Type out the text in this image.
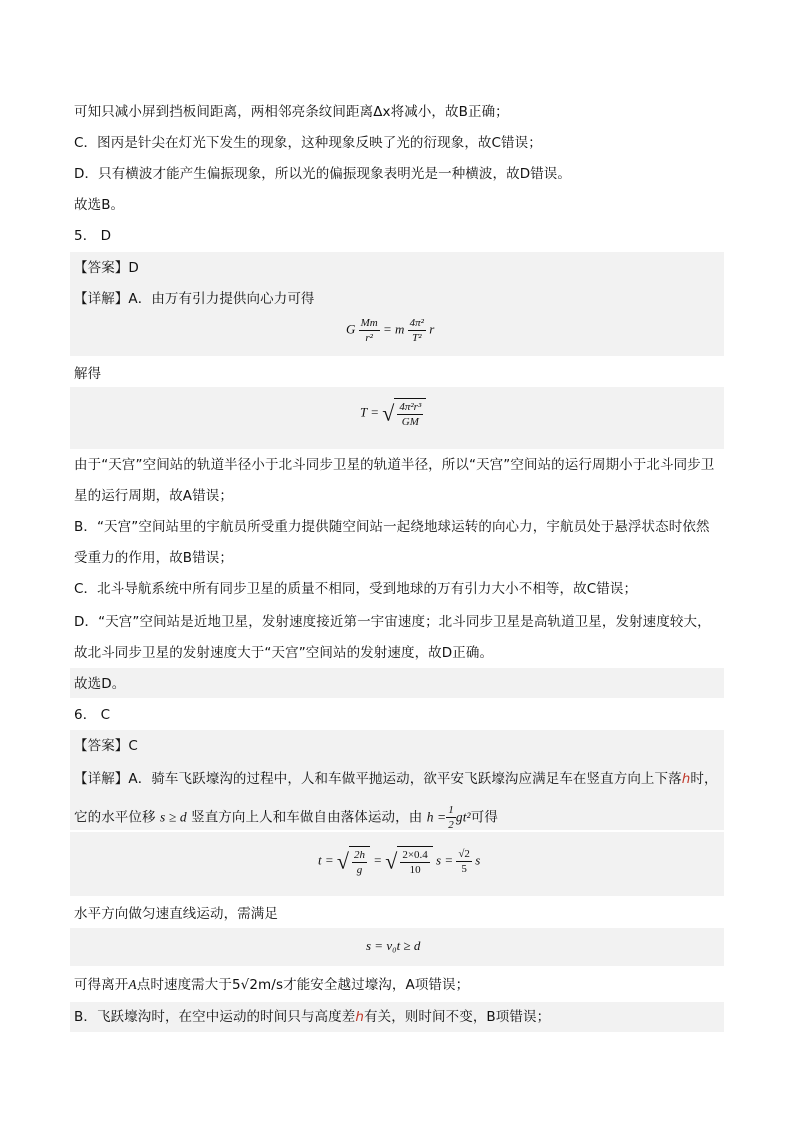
可知只减小屏到挡板间距离，两相邻亮条纹间距离Δx将减小，故B正确；
C．图丙是针尖在灯光下发生的现象，这种现象反映了光的衍现象，故C错误；
D．只有横波才能产生偏振现象，所以光的偏振现象表明光是一种横波，故D错误。
故选B。
5． D
【答案】D
【详解】A．由万有引力提供向心力可得
G $\frac{Mm}{\text{r²}} = m \frac{\text{4π²}}{\text{T²}}$ r
解得
T = √ $\frac{\text{4π²r³}}{GM}$
由于“天宫”空间站的轨道半径小于北斗同步卫星的轨道半径，所以“天宫”空间站的运行周期小于北斗同步卫
星的运行周期，故A错误；
B．“天宫”空间站里的宇航员所受重力提供随空间站一起绕地球运转的向心力，宇航员处于悬浮状态时依然
受重力的作用，故B错误；
C．北斗导航系统中所有同步卫星的质量不相同，受到地球的万有引力大小不相等，故C错误；
D．“天宫”空间站是近地卫星，发射速度接近第一宇宙速度；北斗同步卫星是高轨道卫星，发射速度较大，
故北斗同步卫星的发射速度大于“天宫”空间站的发射速度，故D正确。
故选D。
6． C
【答案】C
【详解】A．骑车飞跃壕沟的过程中，人和车做平抛运动，欲平安飞跃壕沟应满足车在竖直方向上下落h时，
它的水平位移 s ≥ d 竖直方向上人和车做自由落体运动，由 $h = \frac{1}{2} gt^2$可得
t = √ $\frac{2h}{g}$ = √ $\frac{2\times 0.4}{10}$ $s = \frac{√2}{5}$ s
水平方向做匀速直线运动，需满足
s = v₀t ≥ d
可得离开A点时速度需大于5√2m/s才能安全越过壕沟，A项错误；
B．飞跃壕沟时，在空中运动的时间只与高度差h有关，则时间不变，B项错误；
